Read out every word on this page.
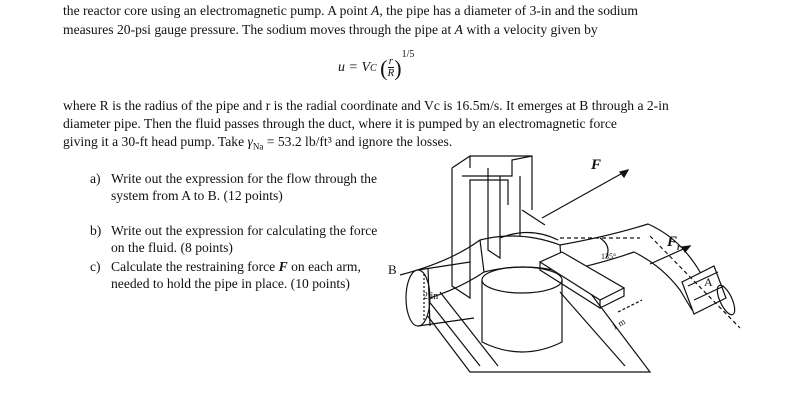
the reactor core using an electromagnetic pump. A point A, the pipe has a diameter of 3-in and the sodium
measures 20-psi gauge pressure. The sodium moves through the pipe at A with a velocity given by
u = VC ( $\frac{r}{R} )^{1/5}$
where R is the radius of the pipe and r is the radial coordinate and Vc is 16.5m/s. It emerges at B through a 2-in
diameter pipe. Then the fluid passes through the duct, where it is pumped by an electromagnetic force
giving it a 30-ft head pump. Take $\gamma_{Na} = 53.2$ lb/ft³ and ignore the losses.
a) Write out the expression for the flow through the system from A to B. (12 points)
b) Write out the expression for calculating the force on the fluid. (8 points)
c) Calculate the restraining force F on each arm, needed to hold the pipe in place. (10 points)
F
$F_r$
B
A
2 in
135°
1 m
